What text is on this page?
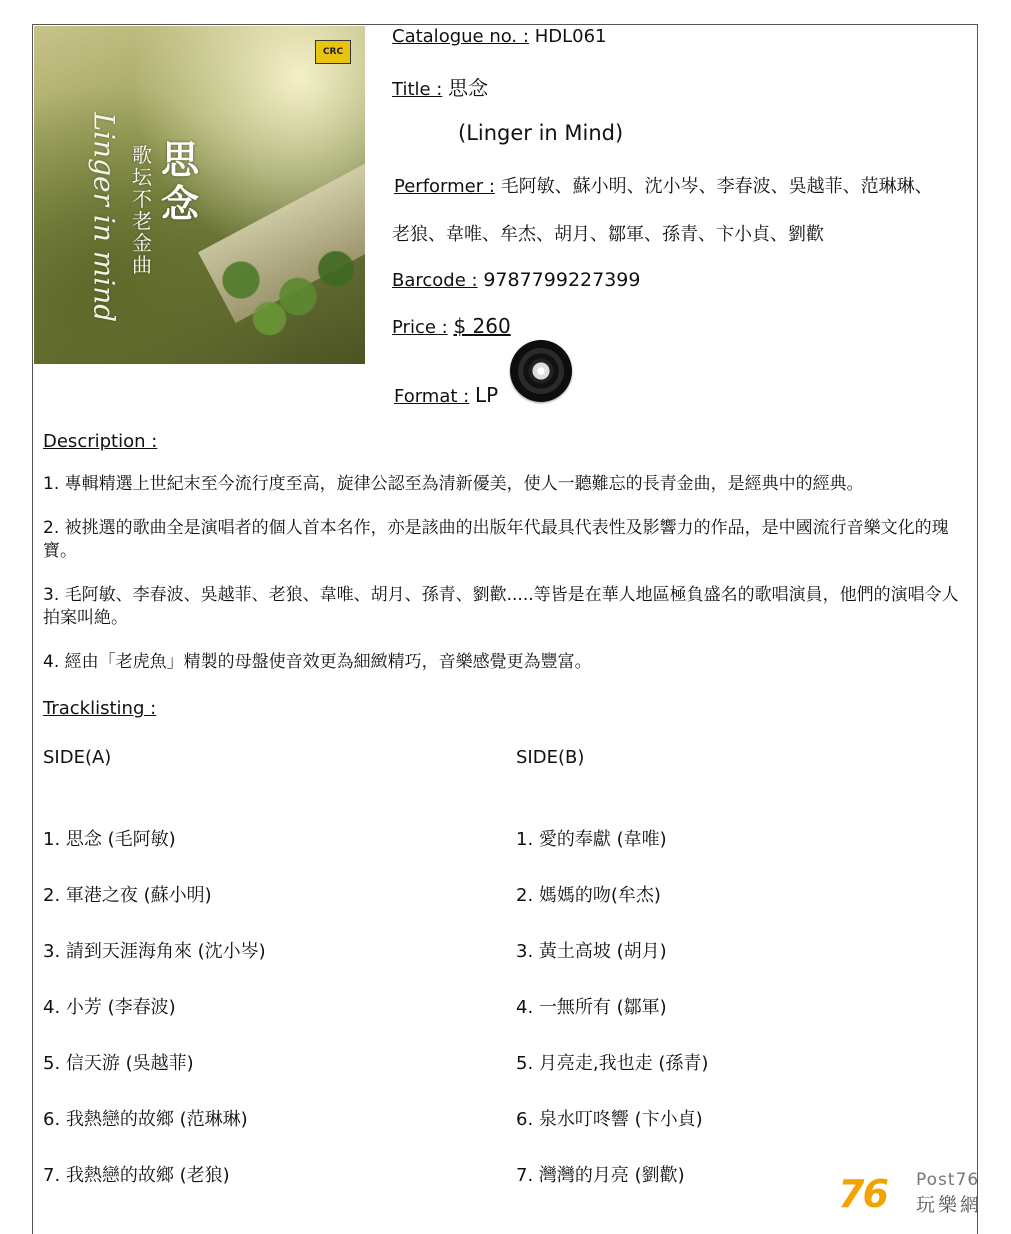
CRC
歌坛不老金曲
思念
Linger in mind
Catalogue no. : HDL061
Title : 思念
(Linger in Mind)
Performer : 毛阿敏、蘇小明、沈小岑、李春波、吳越菲、范琳琳、
老狼、韋唯、牟杰、胡月、鄒軍、孫青、卞小貞、劉歡
Barcode : 9787799227399
Price : $ 260
Format : LP
Description :
1. 專輯精選上世紀末至今流行度至高，旋律公認至為清新優美，使人一聽難忘的長青金曲，是經典中的經典。
2. 被挑選的歌曲全是演唱者的個人首本名作，亦是該曲的出版年代最具代表性及影響力的作品，是中國流行音樂文化的瑰寶。
3. 毛阿敏、李春波、吳越菲、老狼、韋唯、胡月、孫青、劉歡.....等皆是在華人地區極負盛名的歌唱演員，他們的演唱令人拍案叫絶。
4. 經由「老虎魚」精製的母盤使音效更為細緻精巧，音樂感覺更為豐富。
Tracklisting :
SIDE(A)	SIDE(B)
1. 思念 (毛阿敏)
2. 軍港之夜 (蘇小明)
3. 請到天涯海角來 (沈小岑)
4. 小芳 (李春波)
5. 信天游 (吳越菲)
6. 我熱戀的故鄉 (范琳琳)
7. 我熱戀的故鄉 (老狼)
1. 愛的奉獻 (韋唯)
2. 媽媽的吻(牟杰)
3. 黃土高坡 (胡月)
4. 一無所有 (鄒軍)
5. 月亮走,我也走 (孫青)
6. 泉水叮咚響 (卞小貞)
7. 灣灣的月亮 (劉歡)	76 Post76
玩樂網
